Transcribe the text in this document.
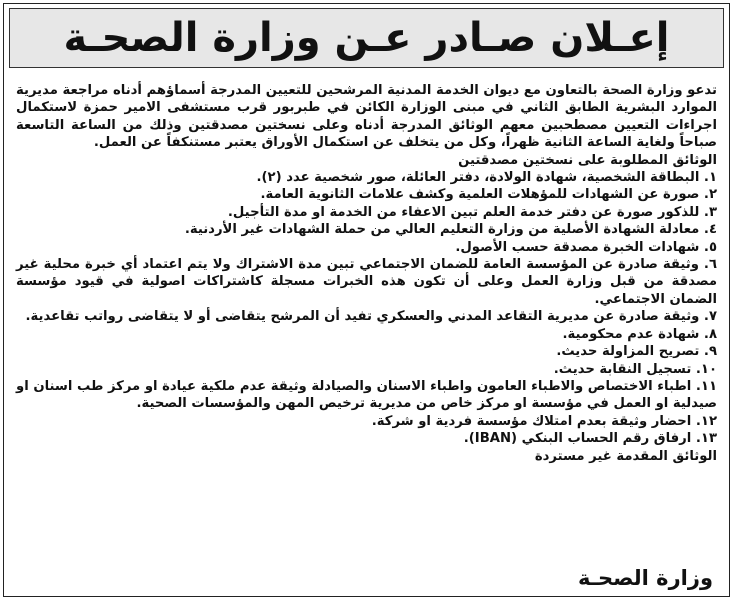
إعـلان صـادر عـن وزارة الصحـة

تدعو وزارة الصحة بالتعاون مع ديوان الخدمة المدنية المرشحين للتعيين المدرجة أسماؤهم أدناه مراجعة مديرية الموارد البشرية الطابق الثاني في مبنى الوزارة الكائن في طبربور قرب مستشفى الامير حمزة لاستكمال اجراءات التعيين مصطحبين معهم الوثائق المدرجة أدناه وعلى نسختين مصدقتين وذلك من الساعة التاسعة صباحاً ولغاية الساعة الثانية ظهراً، وكل من يتخلف عن استكمال الأوراق يعتبر مستنكفاً عن العمل.

الوثائق المطلوبة على نسختين مصدقتين

١. البطاقة الشخصية، شهادة الولادة، دفتر العائلة، صور شخصية عدد (٢).
٢. صورة عن الشهادات للمؤهلات العلمية وكشف علامات الثانوية العامة.
٣. للذكور صورة عن دفتر خدمة العلم تبين الاعفاء من الخدمة او مدة التأجيل.
٤. معادلة الشهادة الأصلية من وزارة التعليم العالي من حملة الشهادات غير الأردنية.
٥. شهادات الخبرة مصدقة حسب الأصول.
٦. وثيقة صادرة عن المؤسسة العامة للضمان الاجتماعي تبين مدة الاشتراك ولا يتم اعتماد أي خبرة محلية غير مصدقة من قبل وزارة العمل وعلى أن تكون هذه الخبرات مسجلة كاشتراكات اصولية في قيود مؤسسة الضمان الاجتماعي.
٧. وثيقة صادرة عن مديرية التقاعد المدني والعسكري تفيد أن المرشح يتقاضى أو لا يتقاضى رواتب تقاعدية.
٨. شهادة عدم محكومية.
٩. تصريح المزاولة حديث.
١٠. تسجيل النقابة حديث.
١١. اطباء الاختصاص والاطباء العامون واطباء الاسنان والصيادلة وثيقة عدم ملكية عيادة او مركز طب اسنان او صيدلية او العمل في مؤسسة او مركز خاص من مديرية ترخيص المهن والمؤسسات الصحية.
١٢. احضار وثيقة بعدم امتلاك مؤسسة فردية او شركة.
١٣. ارفاق رقم الحساب البنكي (IBAN).

الوثائق المقدمة غير مستردة

وزارة الصحـة
